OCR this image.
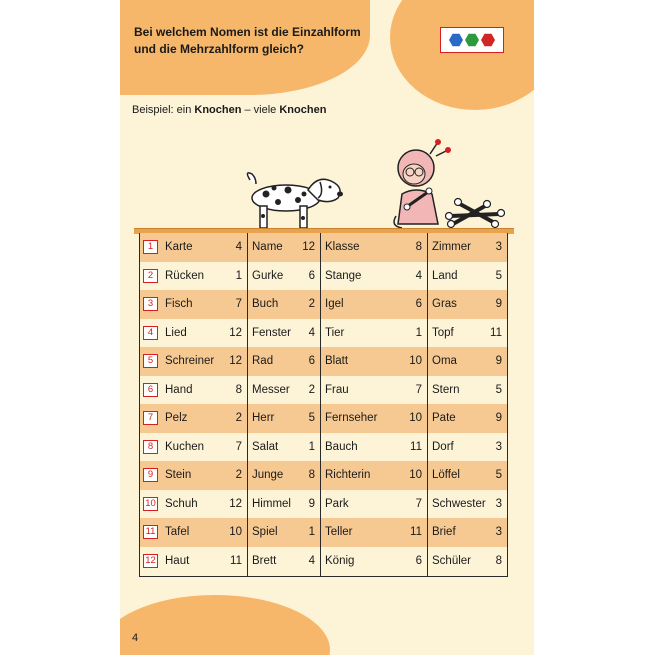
Bei welchem Nomen ist die Einzahlform
und die Mehrzahlform gleich?
Beispiel: ein Knochen – viele Knochen
1	Karte	4 Name 12 Klasse	8 Zimmer 3
2	Rücken	1 Gurke 6 Stange	4 Land	5
3	Fisch	7 Buch	2 Igel	6 Gras	9
4	Lied	12 Fenster 4 Tier	1 Topf	11
5	Schreiner 12 Rad	6 Blatt	10 Oma	9
6	Hand	8 Messer 2 Frau	7 Stern	5
7	Pelz	2 Herr	5 Fernseher	10 Pate	9
8	Kuchen	7 Salat	1 Bauch	11 Dorf	3
9	Stein	2 Junge 8 Richterin	10 Löffel	5
10 Schuh	12 Himmel 9 Park	7 Schwester 3
11 Tafel	10 Spiel	1 Teller	11 Brief	3
12 Haut	11 Brett	4 König	6 Schüler 8
4
